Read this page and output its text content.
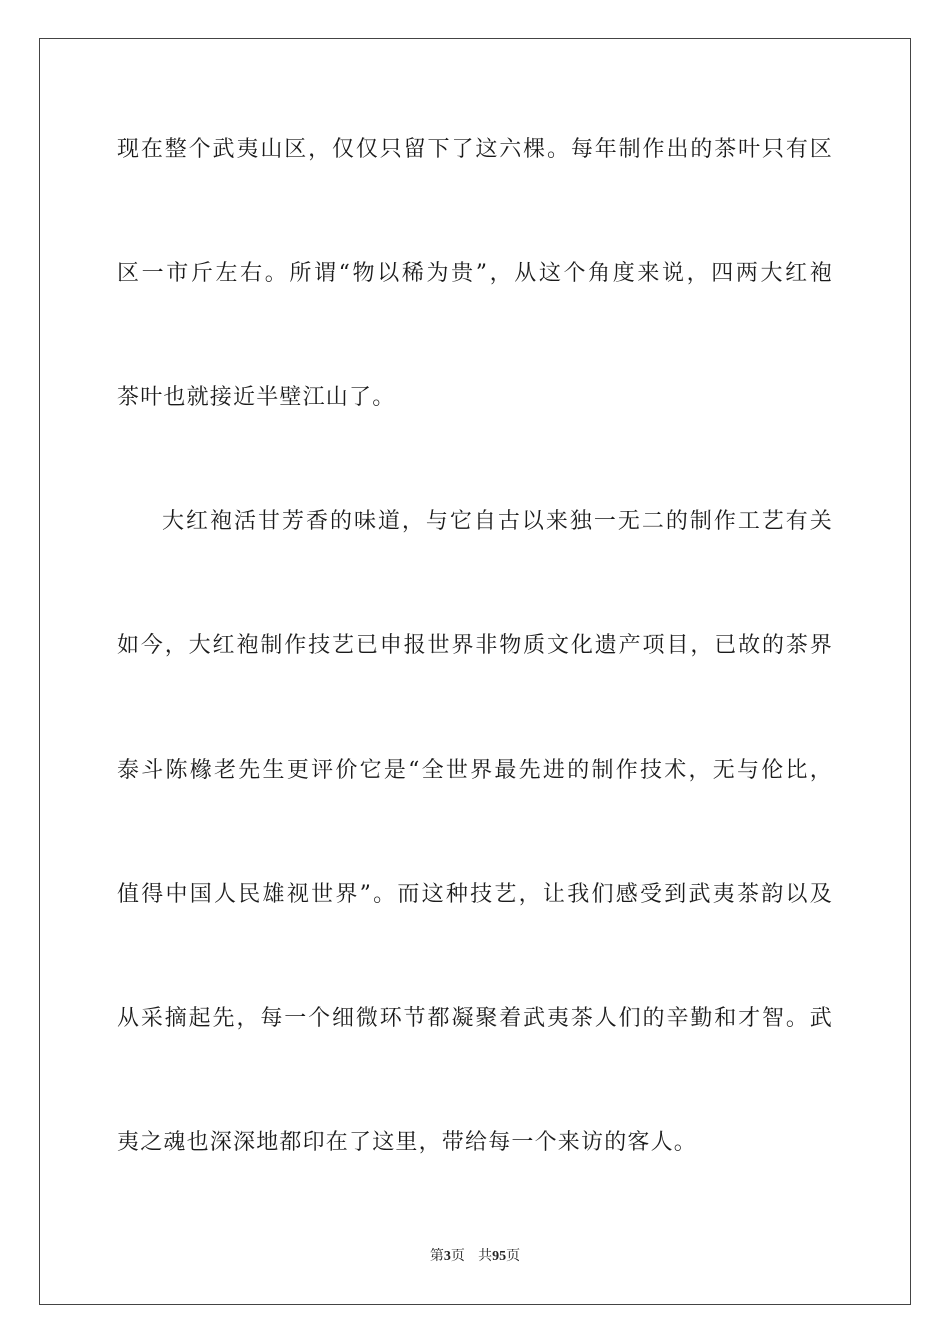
现在整个武夷山区，仅仅只留下了这六棵。每年制作出的茶叶只有区
区一市斤左右。所谓“物以稀为贵”，从这个角度来说，四两大红袍
茶叶也就接近半壁江山了。
大红袍活甘芳香的味道，与它自古以来独一无二的制作工艺有关
如今，大红袍制作技艺已申报世界非物质文化遗产项目，已故的茶界
泰斗陈橼老先生更评价它是“全世界最先进的制作技术，无与伦比，
值得中国人民雄视世界”。而这种技艺，让我们感受到武夷茶韵以及
从采摘起先，每一个细微环节都凝聚着武夷茶人们的辛勤和才智。武
夷之魂也深深地都印在了这里，带给每一个来访的客人。
第3页 共95页
